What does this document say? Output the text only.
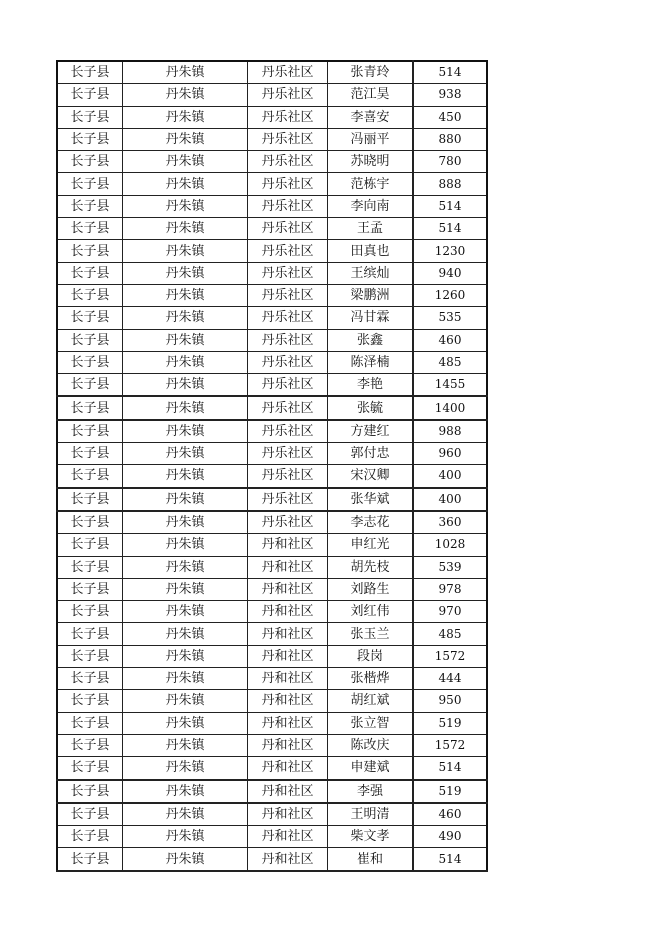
长子县	丹朱镇	丹乐社区	张青玲	514
长子县	丹朱镇	丹乐社区	范江昊	938
长子县	丹朱镇	丹乐社区	李喜安	450
长子县	丹朱镇	丹乐社区	冯丽平	880
长子县	丹朱镇	丹乐社区	苏晓明	780
长子县	丹朱镇	丹乐社区	范栋宇	888
长子县	丹朱镇	丹乐社区	李向南	514
长子县	丹朱镇	丹乐社区	王孟	514
长子县	丹朱镇	丹乐社区	田真也	1230
长子县	丹朱镇	丹乐社区	王缤灿	940
长子县	丹朱镇	丹乐社区	梁鹏洲	1260
长子县	丹朱镇	丹乐社区	冯甘霖	535
长子县	丹朱镇	丹乐社区	张鑫	460
长子县	丹朱镇	丹乐社区	陈泽楠	485
长子县	丹朱镇	丹乐社区	李艳	1455
长子县	丹朱镇	丹乐社区	张毓	1400
长子县	丹朱镇	丹乐社区	方建红	988
长子县	丹朱镇	丹乐社区	郭付忠	960
长子县	丹朱镇	丹乐社区	宋汉卿	400
长子县	丹朱镇	丹乐社区	张华斌	400
长子县	丹朱镇	丹乐社区	李志花	360
长子县	丹朱镇	丹和社区	申红光	1028
长子县	丹朱镇	丹和社区	胡先枝	539
长子县	丹朱镇	丹和社区	刘路生	978
长子县	丹朱镇	丹和社区	刘红伟	970
长子县	丹朱镇	丹和社区	张玉兰	485
长子县	丹朱镇	丹和社区	段岗	1572
长子县	丹朱镇	丹和社区	张楷烨	444
长子县	丹朱镇	丹和社区	胡红斌	950
长子县	丹朱镇	丹和社区	张立智	519
长子县	丹朱镇	丹和社区	陈改庆	1572
长子县	丹朱镇	丹和社区	申建斌	514
长子县	丹朱镇	丹和社区	李强	519
长子县	丹朱镇	丹和社区	王明清	460
长子县	丹朱镇	丹和社区	柴文孝	490
长子县	丹朱镇	丹和社区	崔和	514
